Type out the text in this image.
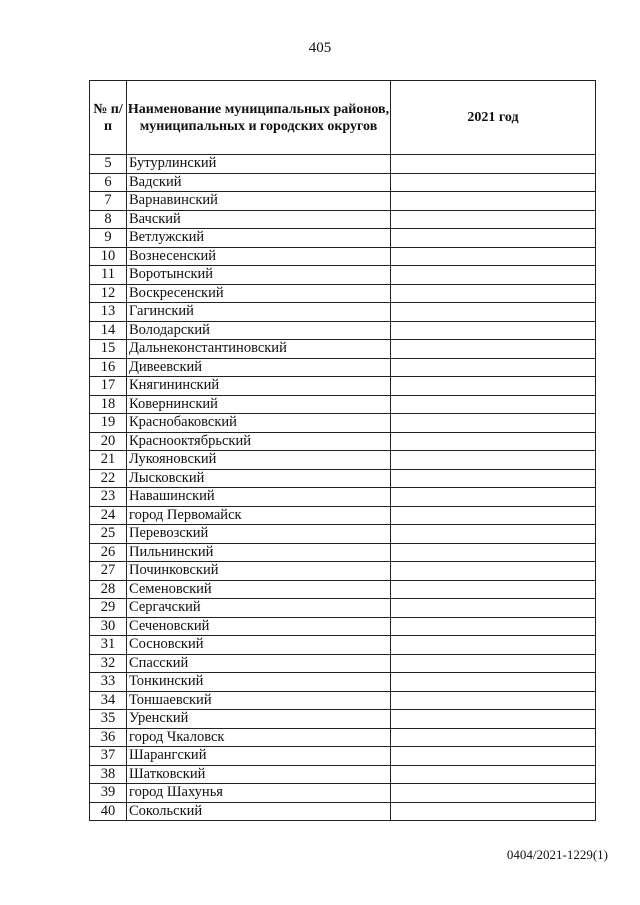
405
№ п/п	Наименование муниципальных районов, муниципальных и городских округов	2021 год
5	Бутурлинский	
6	Вадский	
7	Варнавинский	
8	Вачский	
9	Ветлужский	
10	Вознесенский	
11	Воротынский	
12	Воскресенский	
13	Гагинский	
14	Володарский	
15	Дальнеконстантиновский	
16	Дивеевский	
17	Княгининский	
18	Ковернинский	
19	Краснобаковский	
20	Краснооктябрьский	
21	Лукояновский	
22	Лысковский	
23	Навашинский	
24	город Первомайск	
25	Перевозский	
26	Пильнинский	
27	Починковский	
28	Семеновский	
29	Сергачский	
30	Сеченовский	
31	Сосновский	
32	Спасский	
33	Тонкинский	
34	Тоншаевский	
35	Уренский	
36	город Чкаловск	
37	Шарангский	
38	Шатковский	
39	город Шахунья	
40	Сокольский	
0404/2021-1229(1)
